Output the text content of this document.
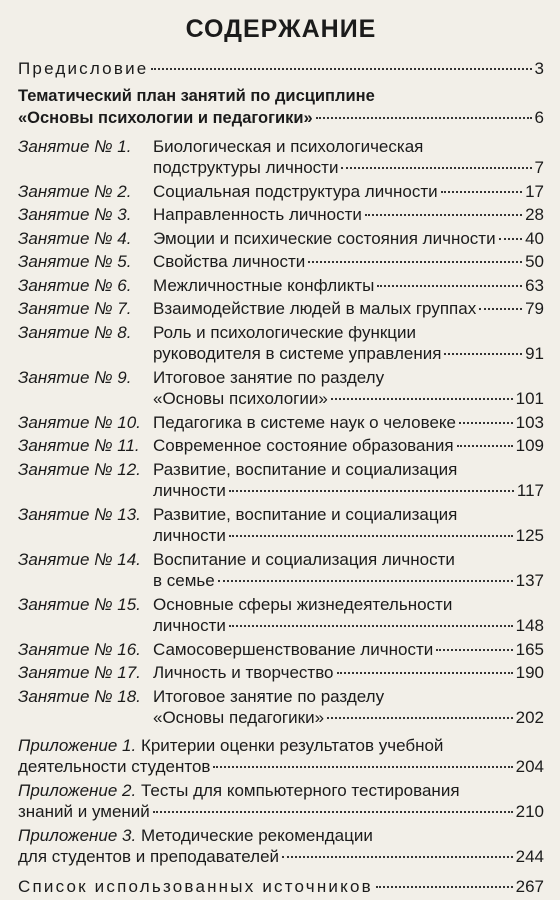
СОДЕРЖАНИЕ
Предисловие	3
Тематический план занятий по дисциплине
«Основы психологии и педагогики»	6
Занятие № 1.	Биологическая и психологическая
подструктуры личности	7
Занятие № 2.	Социальная подструктура личности	17
Занятие № 3.	Направленность личности	28
Занятие № 4.	Эмоции и психические состояния личности 40
Занятие № 5.	Свойства личности	50
Занятие № 6.	Межличностные конфликты	63
Занятие № 7.	Взаимодействие людей в малых группах	79
Занятие № 8.	Роль и психологические функции
руководителя в системе управления	91
Занятие № 9.	Итоговое занятие по разделу
«Основы психологии»	101
Занятие № 10. Педагогика в системе наук о человеке	103
Занятие № 11. Современное состояние образования	109
Занятие № 12. Развитие, воспитание и социализация
личности	117
Занятие № 13. Развитие, воспитание и социализация
личности	125
Занятие № 14. Воспитание и социализация личности
в семье	137
Занятие № 15. Основные сферы жизнедеятельности
личности	148
Занятие № 16. Самосовершенствование личности	165
Занятие № 17. Личность и творчество	190
Занятие № 18. Итоговое занятие по разделу
«Основы педагогики»	202
Приложение 1.
Критерии оценки результатов учебной
деятельности студентов	204
Приложение 2.
Тесты для компьютерного тестирования
знаний и умений	210
Приложение 3.
Методические рекомендации
для студентов и преподавателей	244
Список использованных источников	267
